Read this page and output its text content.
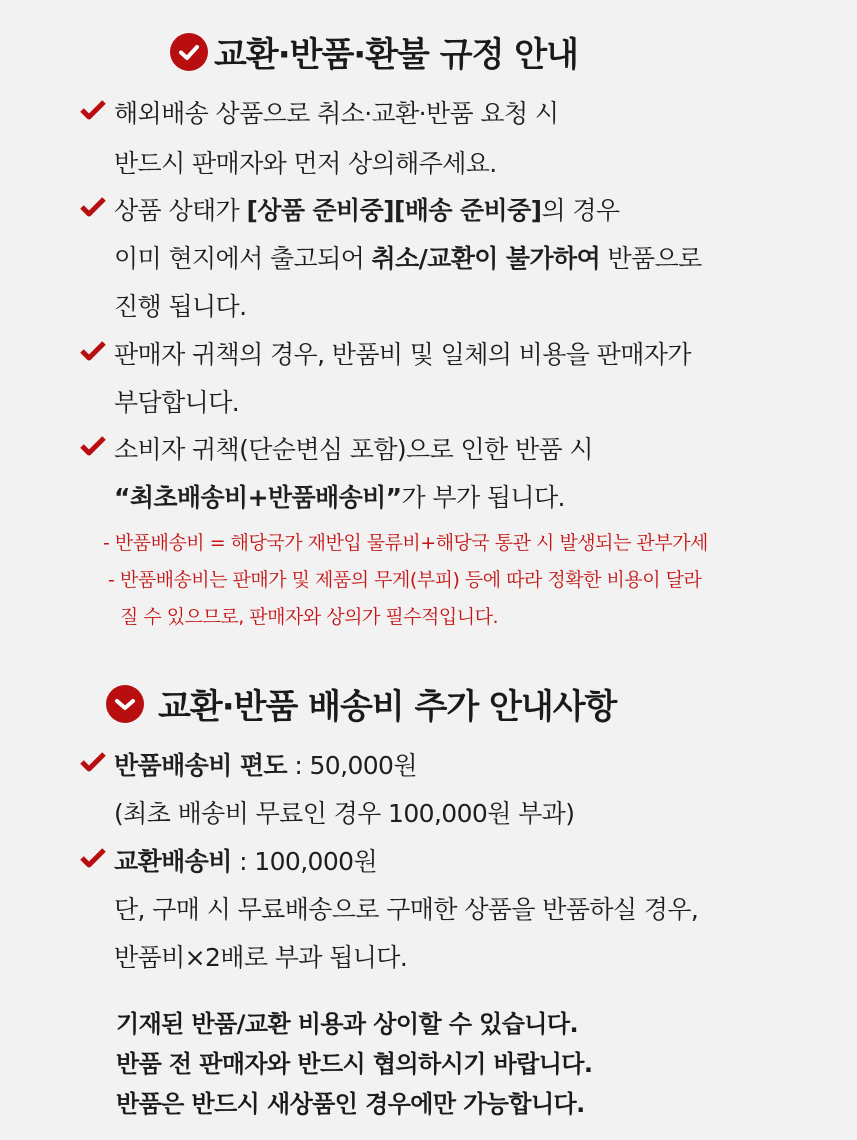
교환·반품·환불 규정 안내
해외배송 상품으로 취소·교환·반품 요청 시
반드시 판매자와 먼저 상의해주세요.
상품 상태가 [상품 준비중][배송 준비중]의 경우
이미 현지에서 출고되어 취소/교환이 불가하여 반품으로
진행 됩니다.
판매자 귀책의 경우, 반품비 및 일체의 비용을 판매자가
부담합니다.
소비자 귀책(단순변심 포함)으로 인한 반품 시
“최초배송비+반품배송비”가 부가 됩니다.
- 반품배송비 = 해당국가 재반입 물류비+해당국 통관 시 발생되는 관부가세
- 반품배송비는 판매가 및 제품의 무게(부피) 등에 따라 정확한 비용이 달라
질 수 있으므로, 판매자와 상의가 필수적입니다.
교환·반품 배송비 추가 안내사항
반품배송비 편도 : 50,000원
(최초 배송비 무료인 경우 100,000원 부과)
교환배송비 : 100,000원
단, 구매 시 무료배송으로 구매한 상품을 반품하실 경우,
반품비×2배로 부과 됩니다.
기재된 반품/교환 비용과 상이할 수 있습니다.
반품 전 판매자와 반드시 협의하시기 바랍니다.
반품은 반드시 새상품인 경우에만 가능합니다.
